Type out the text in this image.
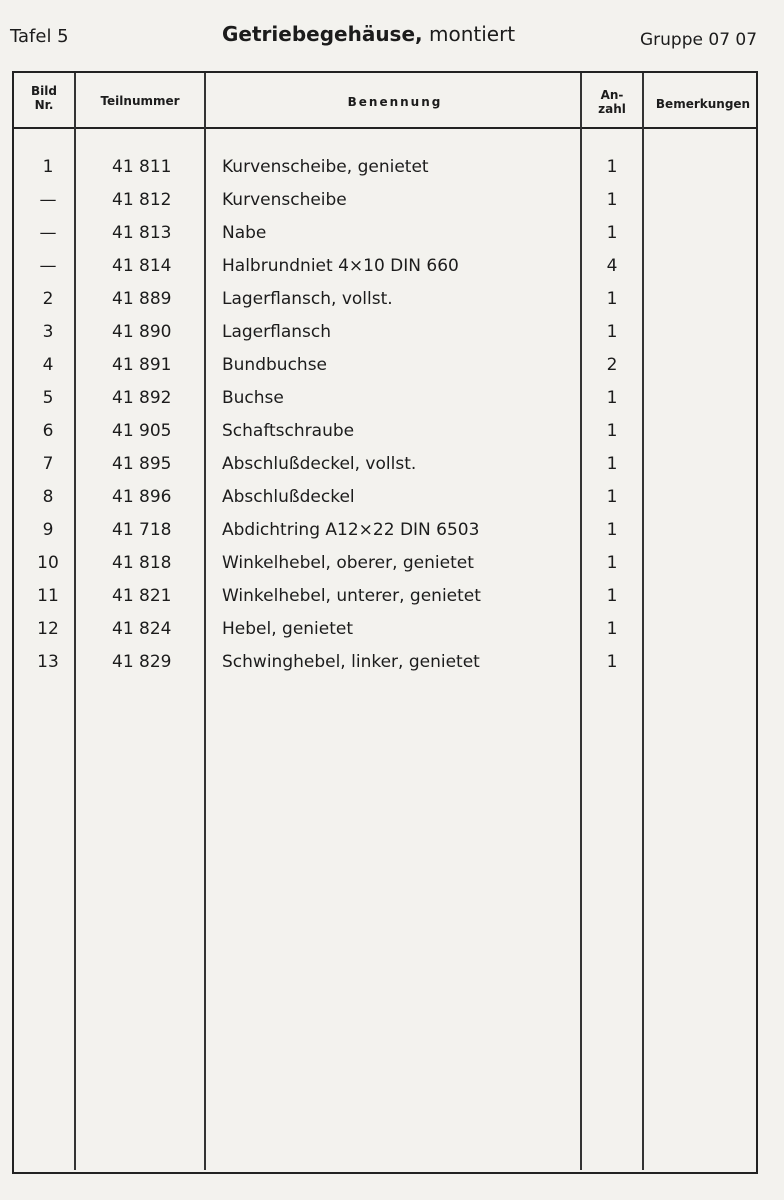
Tafel 5	Getriebegehäuse, montiert	Gruppe 07 07
Bild
Nr.	Teilnummer	Benennung	An-
zahl	Bemerkungen
1	41 811	Kurvenscheibe, genietet	1
—	41 812	Kurvenscheibe	1
—	41 813	Nabe	1
—	41 814	Halbrundniet 4×10 DIN 660	4
2	41 889	Lagerflansch, vollst.	1
3	41 890	Lagerflansch	1
4	41 891	Bundbuchse	2
5	41 892	Buchse	1
6	41 905	Schaftschraube	1
7	41 895	Abschlußdeckel, vollst.	1
8	41 896	Abschlußdeckel	1
9	41 718	Abdichtring A12×22 DIN 6503	1
10	41 818	Winkelhebel, oberer, genietet	1
11	41 821	Winkelhebel, unterer, genietet	1
12	41 824	Hebel, genietet	1
13	41 829	Schwinghebel, linker, genietet	1
